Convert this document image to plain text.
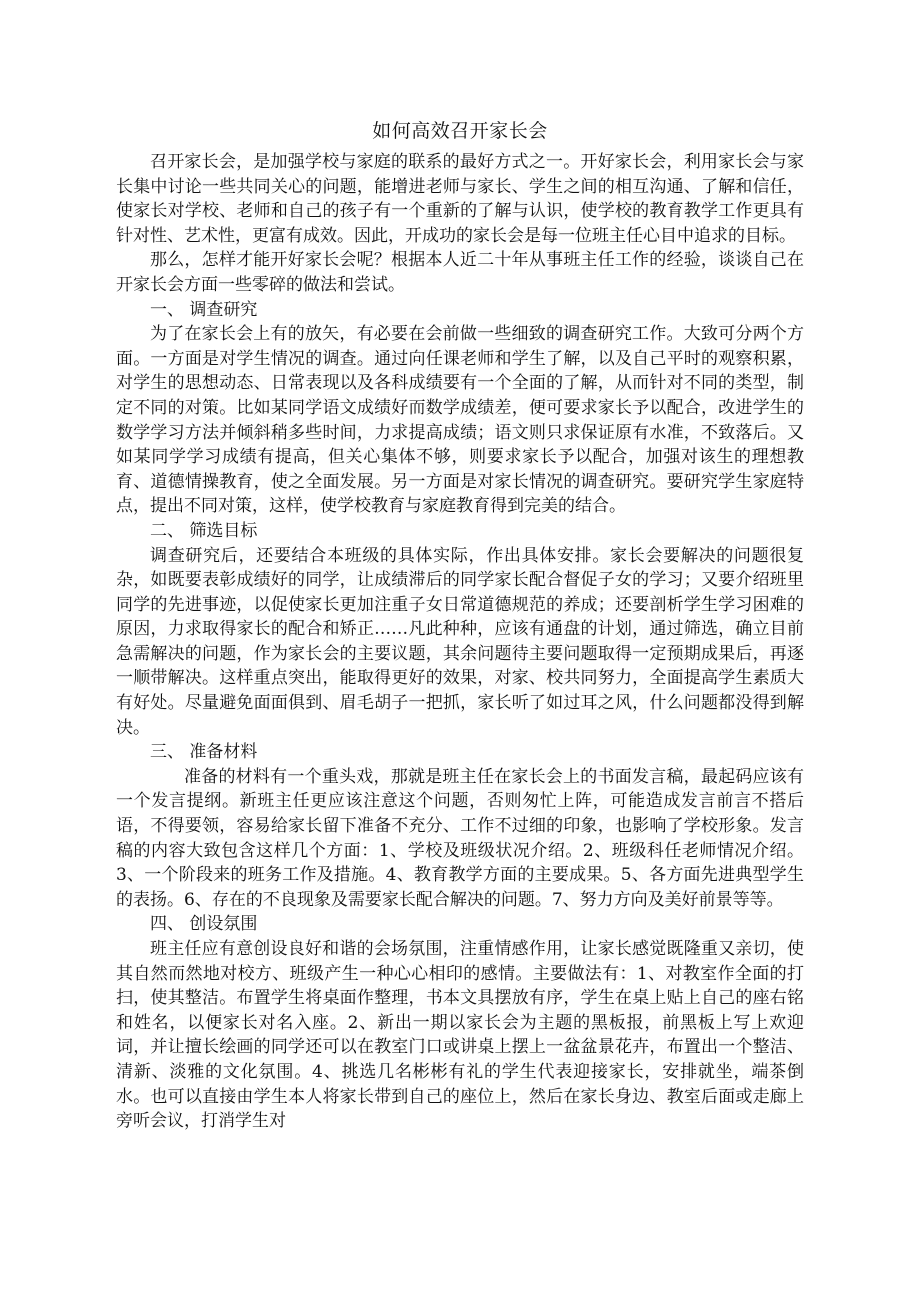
如何高效召开家长会

召开家长会，是加强学校与家庭的联系的最好方式之一。开好家长会，利用家长会与家长集中讨论一些共同关心的问题，能增进老师与家长、学生之间的相互沟通、了解和信任，使家长对学校、老师和自己的孩子有一个重新的了解与认识，使学校的教育教学工作更具有针对性、艺术性，更富有成效。因此，开成功的家长会是每一位班主任心目中追求的目标。

那么，怎样才能开好家长会呢？根据本人近二十年从事班主任工作的经验，谈谈自己在开家长会方面一些零碎的做法和尝试。

一、 调查研究

为了在家长会上有的放矢，有必要在会前做一些细致的调查研究工作。大致可分两个方面。一方面是对学生情况的调查。通过向任课老师和学生了解，以及自己平时的观察积累，对学生的思想动态、日常表现以及各科成绩要有一个全面的了解，从而针对不同的类型，制定不同的对策。比如某同学语文成绩好而数学成绩差，便可要求家长予以配合，改进学生的数学学习方法并倾斜稍多些时间，力求提高成绩；语文则只求保证原有水准，不致落后。又如某同学学习成绩有提高，但关心集体不够，则要求家长予以配合，加强对该生的理想教育、道德情操教育，使之全面发展。另一方面是对家长情况的调查研究。要研究学生家庭特点，提出不同对策，这样，使学校教育与家庭教育得到完美的结合。

二、 筛选目标

调查研究后，还要结合本班级的具体实际，作出具体安排。家长会要解决的问题很复杂，如既要表彰成绩好的同学，让成绩滞后的同学家长配合督促子女的学习；又要介绍班里同学的先进事迹，以促使家长更加注重子女日常道德规范的养成；还要剖析学生学习困难的原因，力求取得家长的配合和矫正……凡此种种，应该有通盘的计划，通过筛选，确立目前急需解决的问题，作为家长会的主要议题，其余问题待主要问题取得一定预期成果后，再逐一顺带解决。这样重点突出，能取得更好的效果，对家、校共同努力，全面提高学生素质大有好处。尽量避免面面俱到、眉毛胡子一把抓，家长听了如过耳之风，什么问题都没得到解决。

三、 准备材料

准备的材料有一个重头戏，那就是班主任在家长会上的书面发言稿，最起码应该有一个发言提纲。新班主任更应该注意这个问题，否则匆忙上阵，可能造成发言前言不搭后语，不得要领，容易给家长留下准备不充分、工作不过细的印象，也影响了学校形象。发言稿的内容大致包含这样几个方面：1、学校及班级状况介绍。2、班级科任老师情况介绍。3、一个阶段来的班务工作及措施。4、教育教学方面的主要成果。5、各方面先进典型学生的表扬。6、存在的不良现象及需要家长配合解决的问题。7、努力方向及美好前景等等。

四、 创设氛围

班主任应有意创设良好和谐的会场氛围，注重情感作用，让家长感觉既隆重又亲切，使其自然而然地对校方、班级产生一种心心相印的感情。主要做法有：1、对教室作全面的打扫，使其整洁。布置学生将桌面作整理，书本文具摆放有序，学生在桌上贴上自己的座右铭和姓名，以便家长对名入座。2、新出一期以家长会为主题的黑板报，前黑板上写上欢迎词，并让擅长绘画的同学还可以在教室门口或讲桌上摆上一盆盆景花卉，布置出一个整洁、清新、淡雅的文化氛围。4、挑选几名彬彬有礼的学生代表迎接家长，安排就坐，端茶倒水。也可以直接由学生本人将家长带到自己的座位上，然后在家长身边、教室后面或走廊上旁听会议，打消学生对
